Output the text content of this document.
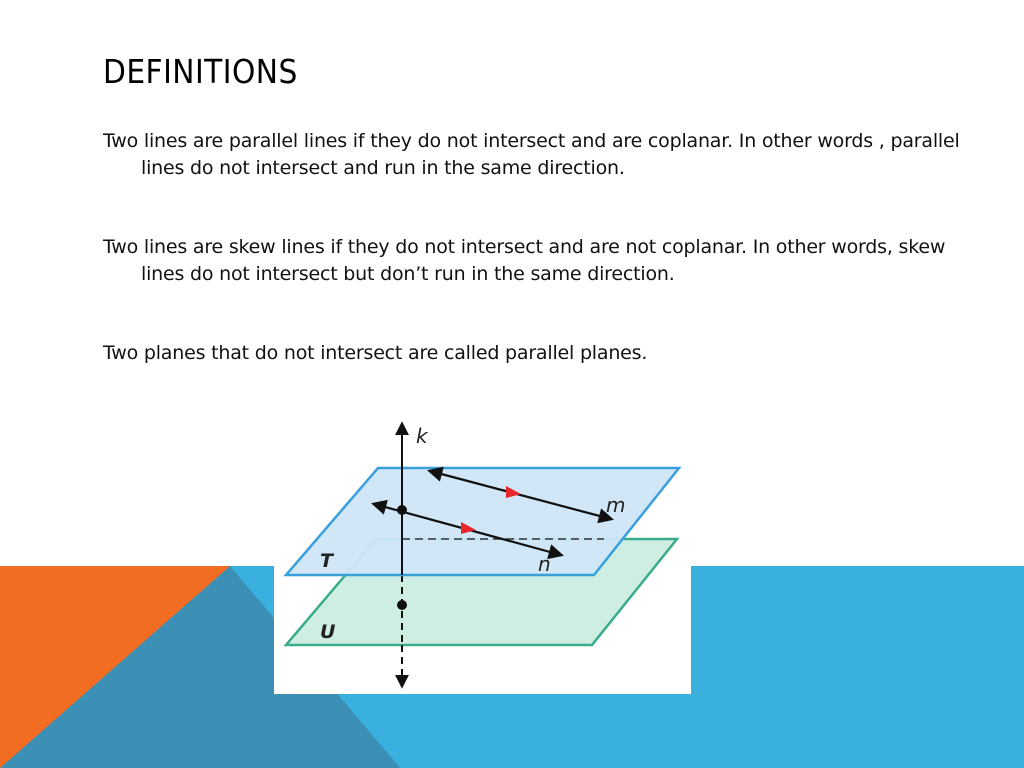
DEFINITIONS

Two lines are parallel lines if they do not intersect and are coplanar. In other words , parallel lines do not intersect and run in the same direction.

Two lines are skew lines if they do not intersect and are not coplanar. In other words, skew lines do not intersect but don’t run in the same direction.

Two planes that do not intersect are called parallel planes.

k
m
n
T
U
